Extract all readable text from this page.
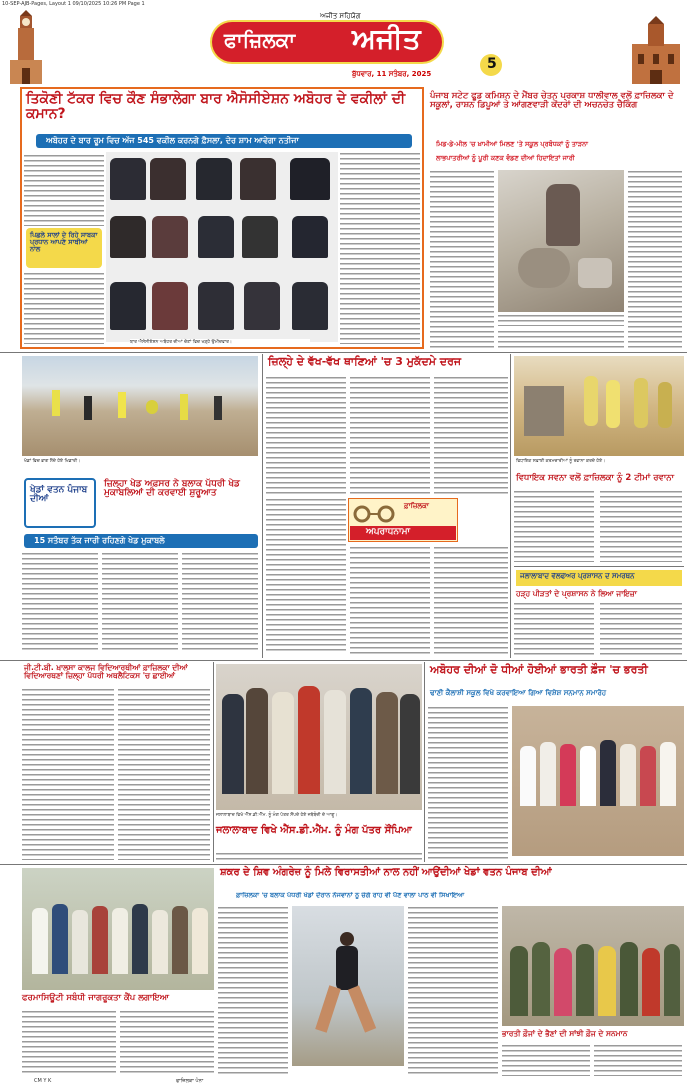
10-SEP-AJB-Pages, Layout 1 09/10/2025 10:26 PM Page 1
ਅਜੀਤ ਸਹਿਯੋਗ
ਫਾਜ਼ਿਲਕਾ ਅਜੀਤ
5
ਬੁੱਧਵਾਰ, 11 ਸਤੰਬਰ, 2025
ਤਿਕੋਣੀ ਟੱਕਰ ਵਿਚ ਕੌਣ ਸੰਭਾਲੇਗਾ ਬਾਰ ਐਸੋਸੀਏਸ਼ਨ ਅਬੋਹਰ ਦੇ ਵਕੀਲਾਂ ਦੀ ਕਮਾਨ?
ਅਬੋਹਰ ਦੇ ਬਾਰ ਰੂਮ ਵਿਚ ਅੱਜ 545 ਵਕੀਲ ਕਰਨਗੇ ਫ਼ੈਸਲਾ, ਦੇਰ ਸ਼ਾਮ ਆਵੇਗਾ ਨਤੀਜਾ
ਪਿਛਲੇ ਸਾਲਾਂ ਦੇ ਰਿਹੇ ਸਾਬਕਾ ਪ੍ਰਧਾਨ ਆਪਣੇ ਸਾਥੀਆਂ ਨਾਲ
ਬਾਰ ਐਸੋਸੀਏਸ਼ਨ ਅਬੋਹਰ ਦੀਆਂ ਚੋਣਾਂ ਵਿਚ ਖੜ੍ਹੇ ਉਮੀਦਵਾਰ।
ਪੰਜਾਬ ਸਟੇਟ ਫੂਡ ਕਮਿਸ਼ਨ ਦੇ ਮੈਂਬਰ ਚੇਤਨ ਪ੍ਰਕਾਸ਼ ਧਾਲੀਵਾਲ ਵਲੋਂ ਫ਼ਾਜ਼ਿਲਕਾ ਦੇ ਸਕੂਲਾਂ, ਰਾਸ਼ਨ ਡਿਪੂਆਂ ਤੇ ਆਂਗਣਵਾੜੀ ਕੇਂਦਰਾਂ ਦੀ ਅਚਨਚੇਤ ਚੈਕਿੰਗ
ਮਿਡ-ਡੇ-ਮੀਲ 'ਚ ਖ਼ਾਮੀਆਂ ਮਿਲਣ 'ਤੇ ਸਕੂਲ ਪ੍ਰਬੰਧਕਾਂ ਨੂੰ ਤਾੜਨਾ
ਲਾਭਪਾਤਰੀਆਂ ਨੂੰ ਪੂਰੀ ਕਣਕ ਵੰਡਣ ਦੀਆਂ ਹਿਦਾਇਤਾਂ ਜਾਰੀ
ਖੇਡਾਂ ਵਿਚ ਭਾਗ ਲੈਂਦੇ ਹੋਏ ਖਿਡਾਰੀ।
ਖੇਡਾਂ ਵਤਨ ਪੰਜਾਬ ਦੀਆਂ
ਜ਼ਿਲ੍ਹਾ ਖੇਡ ਅਫ਼ਸਰ ਨੇ ਬਲਾਕ ਪੱਧਰੀ ਖੇਡ ਮੁਕਾਬਲਿਆਂ ਦੀ ਕਰਵਾਈ ਸ਼ੁਰੂਆਤ
15 ਸਤੰਬਰ ਤੱਕ ਜਾਰੀ ਰਹਿਣਗੇ ਖੇਡ ਮੁਕਾਬਲੇ
ਜ਼ਿਲ੍ਹੇ ਦੇ ਵੱਖ-ਵੱਖ ਥਾਣਿਆਂ 'ਚ 3 ਮੁਕੱਦਮੇ ਦਰਜ
ਫ਼ਾਜ਼ਿਲਕਾ
ਅਪਰਾਧਨਾਮਾ
ਵਿਧਾਇਕ ਸਫ਼ਾਈ ਕਰਮਚਾਰੀਆਂ ਨੂੰ ਰਵਾਨਾ ਕਰਦੇ ਹੋਏ।
ਵਿਧਾਇਕ ਸਵਨਾ ਵਲੋਂ ਫ਼ਾਜ਼ਿਲਕਾ ਨੂੰ 2 ਟੀਮਾਂ ਰਵਾਨਾ
ਜਲਾਲਾਬਾਦ ਵੈਲਫੇਅਰ ਪ੍ਰਸ਼ਾਸਨ ਦੇ ਸਮਰਥਨ
ਹੜ੍ਹ ਪੀੜਤਾਂ ਦੇ ਪ੍ਰਸ਼ਾਸਨ ਨੇ ਲਿਆ ਜਾਇਜ਼ਾ
ਜੀ.ਟੀ.ਬੀ. ਖ਼ਾਲਸਾ ਕਾਲਜ ਵਿਦਿਆਰਥੀਆਂ ਫ਼ਾਜ਼ਿਲਕਾ ਦੀਆਂ ਵਿਦਿਆਰਥਣਾਂ ਜ਼ਿਲ੍ਹਾ ਪੱਧਰੀ ਅਥਲੈਟਿਕਸ 'ਚ ਛਾਈਆਂ
ਜਲਾਲਾਬਾਦ ਵਿਖੇ ਐੱਸ.ਡੀ.ਐੱਮ. ਨੂੰ ਮੰਗ ਪੱਤਰ ਸੌਂਪਦੇ ਹੋਏ ਜਥੇਬੰਦੀ ਦੇ ਆਗੂ।
ਜਲਾਲਾਬਾਦ ਵਿਖੇ ਐੱਸ.ਡੀ.ਐੱਮ. ਨੂੰ ਮੰਗ ਪੱਤਰ ਸੌਂਪਿਆ
ਅਬੋਹਰ ਦੀਆਂ ਦੋ ਧੀਆਂ ਹੋਈਆਂ ਭਾਰਤੀ ਫ਼ੌਜ 'ਚ ਭਰਤੀ
ਢਾਣੀ ਕੈਲਾਸ਼ੀ ਸਕੂਲ ਵਿਖੇ ਕਰਵਾਇਆ ਗਿਆ ਵਿਸ਼ੇਸ਼ ਸਨਮਾਨ ਸਮਾਰੋਹ
ਸ਼ਕਰ ਦੇ ਸ਼ਿਵ ਅੰਗਰੇਜ਼ ਨੂੰ ਮਿਲੇ ਵਿਰਾਸਤੀਆਂ ਨਾਲ ਨਹੀਂ ਆਉਂਦੀਆਂ ਖੇਡਾਂ ਵਤਨ ਪੰਜਾਬ ਦੀਆਂ
ਫ਼ਾਜ਼ਿਲਕਾ 'ਚ ਬਲਾਕ ਪੱਧਰੀ ਖੇਡਾਂ ਦੌਰਾਨ ਨੌਜਵਾਨਾਂ ਨੂੰ ਚੰਗੇ ਰਾਹ ਵੀ ਪੈਣ ਵਾਲਾ ਪਾਠ ਵੀ ਸਿਖਾਇਆ
ਭਾਰਤੀ ਫ਼ੌਜਾਂ ਦੇ ਭੈਣਾਂ ਦੀ ਸਾਂਝੀ ਫ਼ੌਜ ਦੇ ਸਨਮਾਨ
ਫਰਮਾਸਿਊਟੀ ਸਬੰਧੀ ਜਾਗਰੂਕਤਾ ਕੈਂਪ ਲਗਾਇਆ
CM Y K	ਫਾਜ਼ਿਲਕਾ ਪੰਨਾ
